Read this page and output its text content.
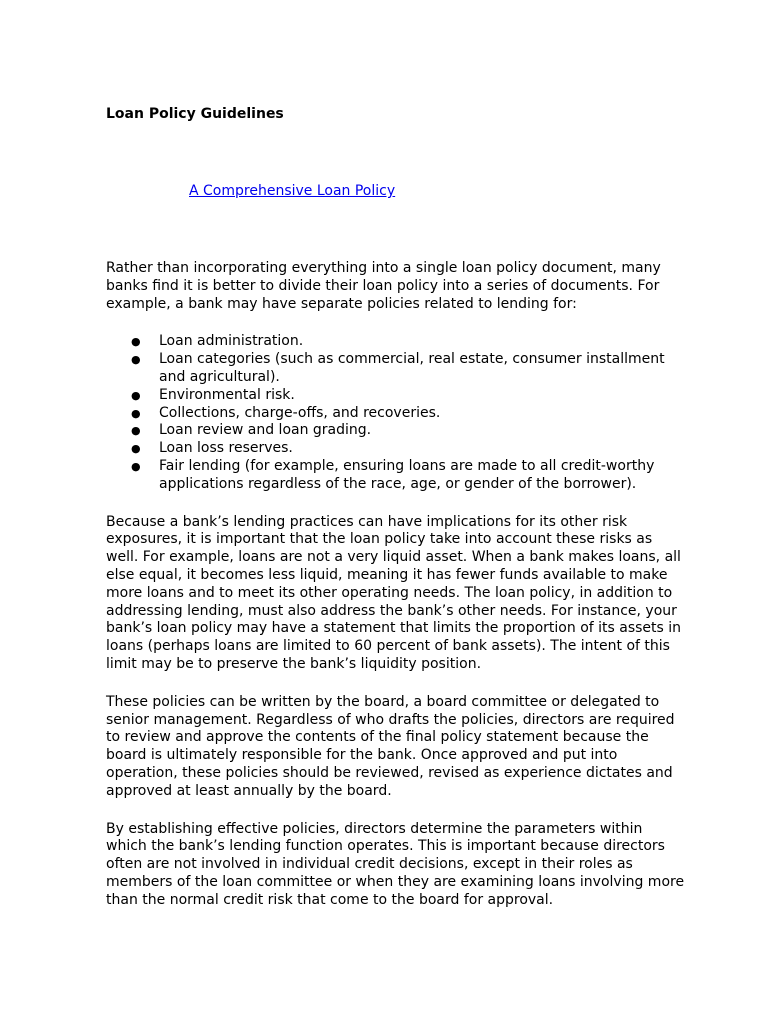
Loan Policy Guidelines
A Comprehensive Loan Policy

Rather than incorporating everything into a single loan policy document, many banks find it is better to divide their loan policy into a series of documents. For example, a bank may have separate policies related to lending for:

● Loan administration.
● Loan categories (such as commercial, real estate, consumer installment and agricultural).
● Environmental risk.
● Collections, charge-offs, and recoveries.
● Loan review and loan grading.
● Loan loss reserves.
● Fair lending (for example, ensuring loans are made to all credit-worthy applications regardless of the race, age, or gender of the borrower).

Because a bank’s lending practices can have implications for its other risk exposures, it is important that the loan policy take into account these risks as well. For example, loans are not a very liquid asset. When a bank makes loans, all else equal, it becomes less liquid, meaning it has fewer funds available to make more loans and to meet its other operating needs. The loan policy, in addition to addressing lending, must also address the bank’s other needs. For instance, your bank’s loan policy may have a statement that limits the proportion of its assets in loans (perhaps loans are limited to 60 percent of bank assets). The intent of this limit may be to preserve the bank’s liquidity position.

These policies can be written by the board, a board committee or delegated to senior management. Regardless of who drafts the policies, directors are required to review and approve the contents of the final policy statement because the board is ultimately responsible for the bank. Once approved and put into operation, these policies should be reviewed, revised as experience dictates and approved at least annually by the board.

By establishing effective policies, directors determine the parameters within which the bank’s lending function operates. This is important because directors often are not involved in individual credit decisions, except in their roles as members of the loan committee or when they are examining loans involving more than the normal credit risk that come to the board for approval.
